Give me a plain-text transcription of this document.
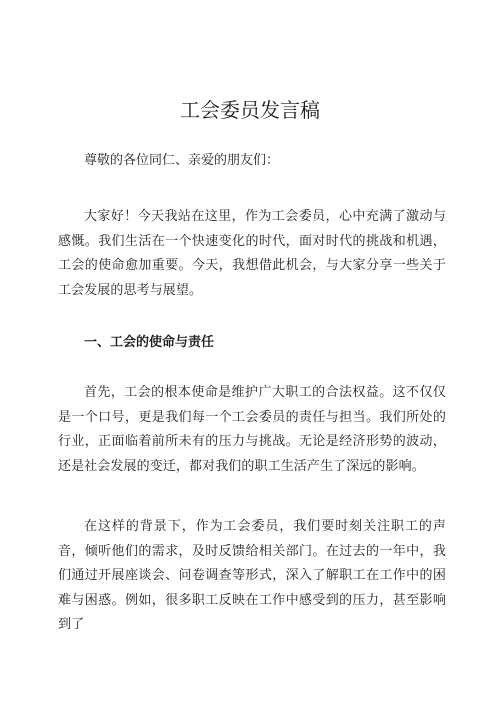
工会委员发言稿

尊敬的各位同仁、亲爱的朋友们：

大家好！今天我站在这里，作为工会委员，心中充满了激动与感慨。我们生活在一个快速变化的时代，面对时代的挑战和机遇，工会的使命愈加重要。今天，我想借此机会，与大家分享一些关于工会发展的思考与展望。

一、工会的使命与责任

首先，工会的根本使命是维护广大职工的合法权益。这不仅仅是一个口号，更是我们每一个工会委员的责任与担当。我们所处的行业，正面临着前所未有的压力与挑战。无论是经济形势的波动，还是社会发展的变迁，都对我们的职工生活产生了深远的影响。

在这样的背景下，作为工会委员，我们要时刻关注职工的声音，倾听他们的需求，及时反馈给相关部门。在过去的一年中，我们通过开展座谈会、问卷调查等形式，深入了解职工在工作中的困难与困惑。例如，很多职工反映在工作中感受到的压力，甚至影响到了
